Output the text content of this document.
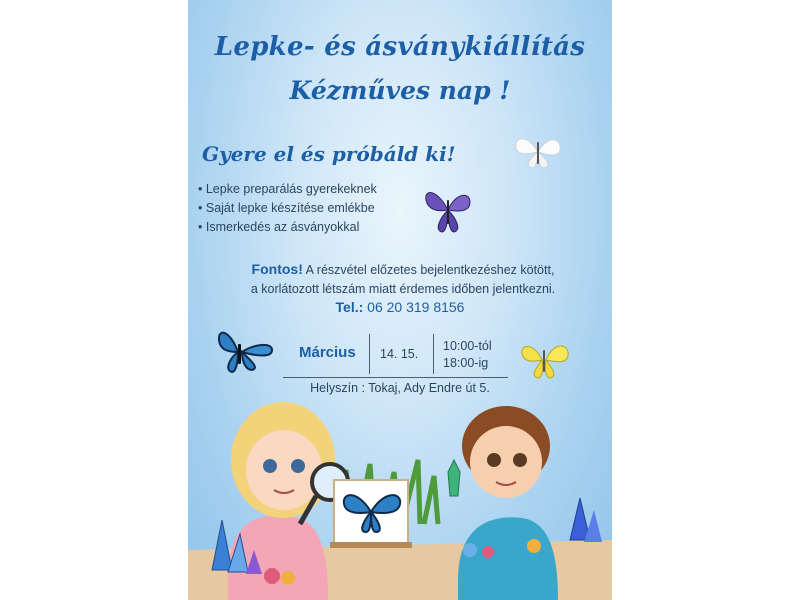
Lepke- és ásványkiállítás
Kézműves nap !
Gyere el és próbáld ki!
• Lepke preparálás gyerekeknek
• Saját lepke készítése emlékbe
• Ismerkedés az ásványokkal
Fontos! A részvétel előzetes bejelentkezéshez kötött,
a korlátozott létszám miatt érdemes időben jelentkezni.
Tel.: 06 20 319 8156
Március 14. 15.
10:00-tól
18:00-ig
Helyszín : Tokaj, Ady Endre út 5.
